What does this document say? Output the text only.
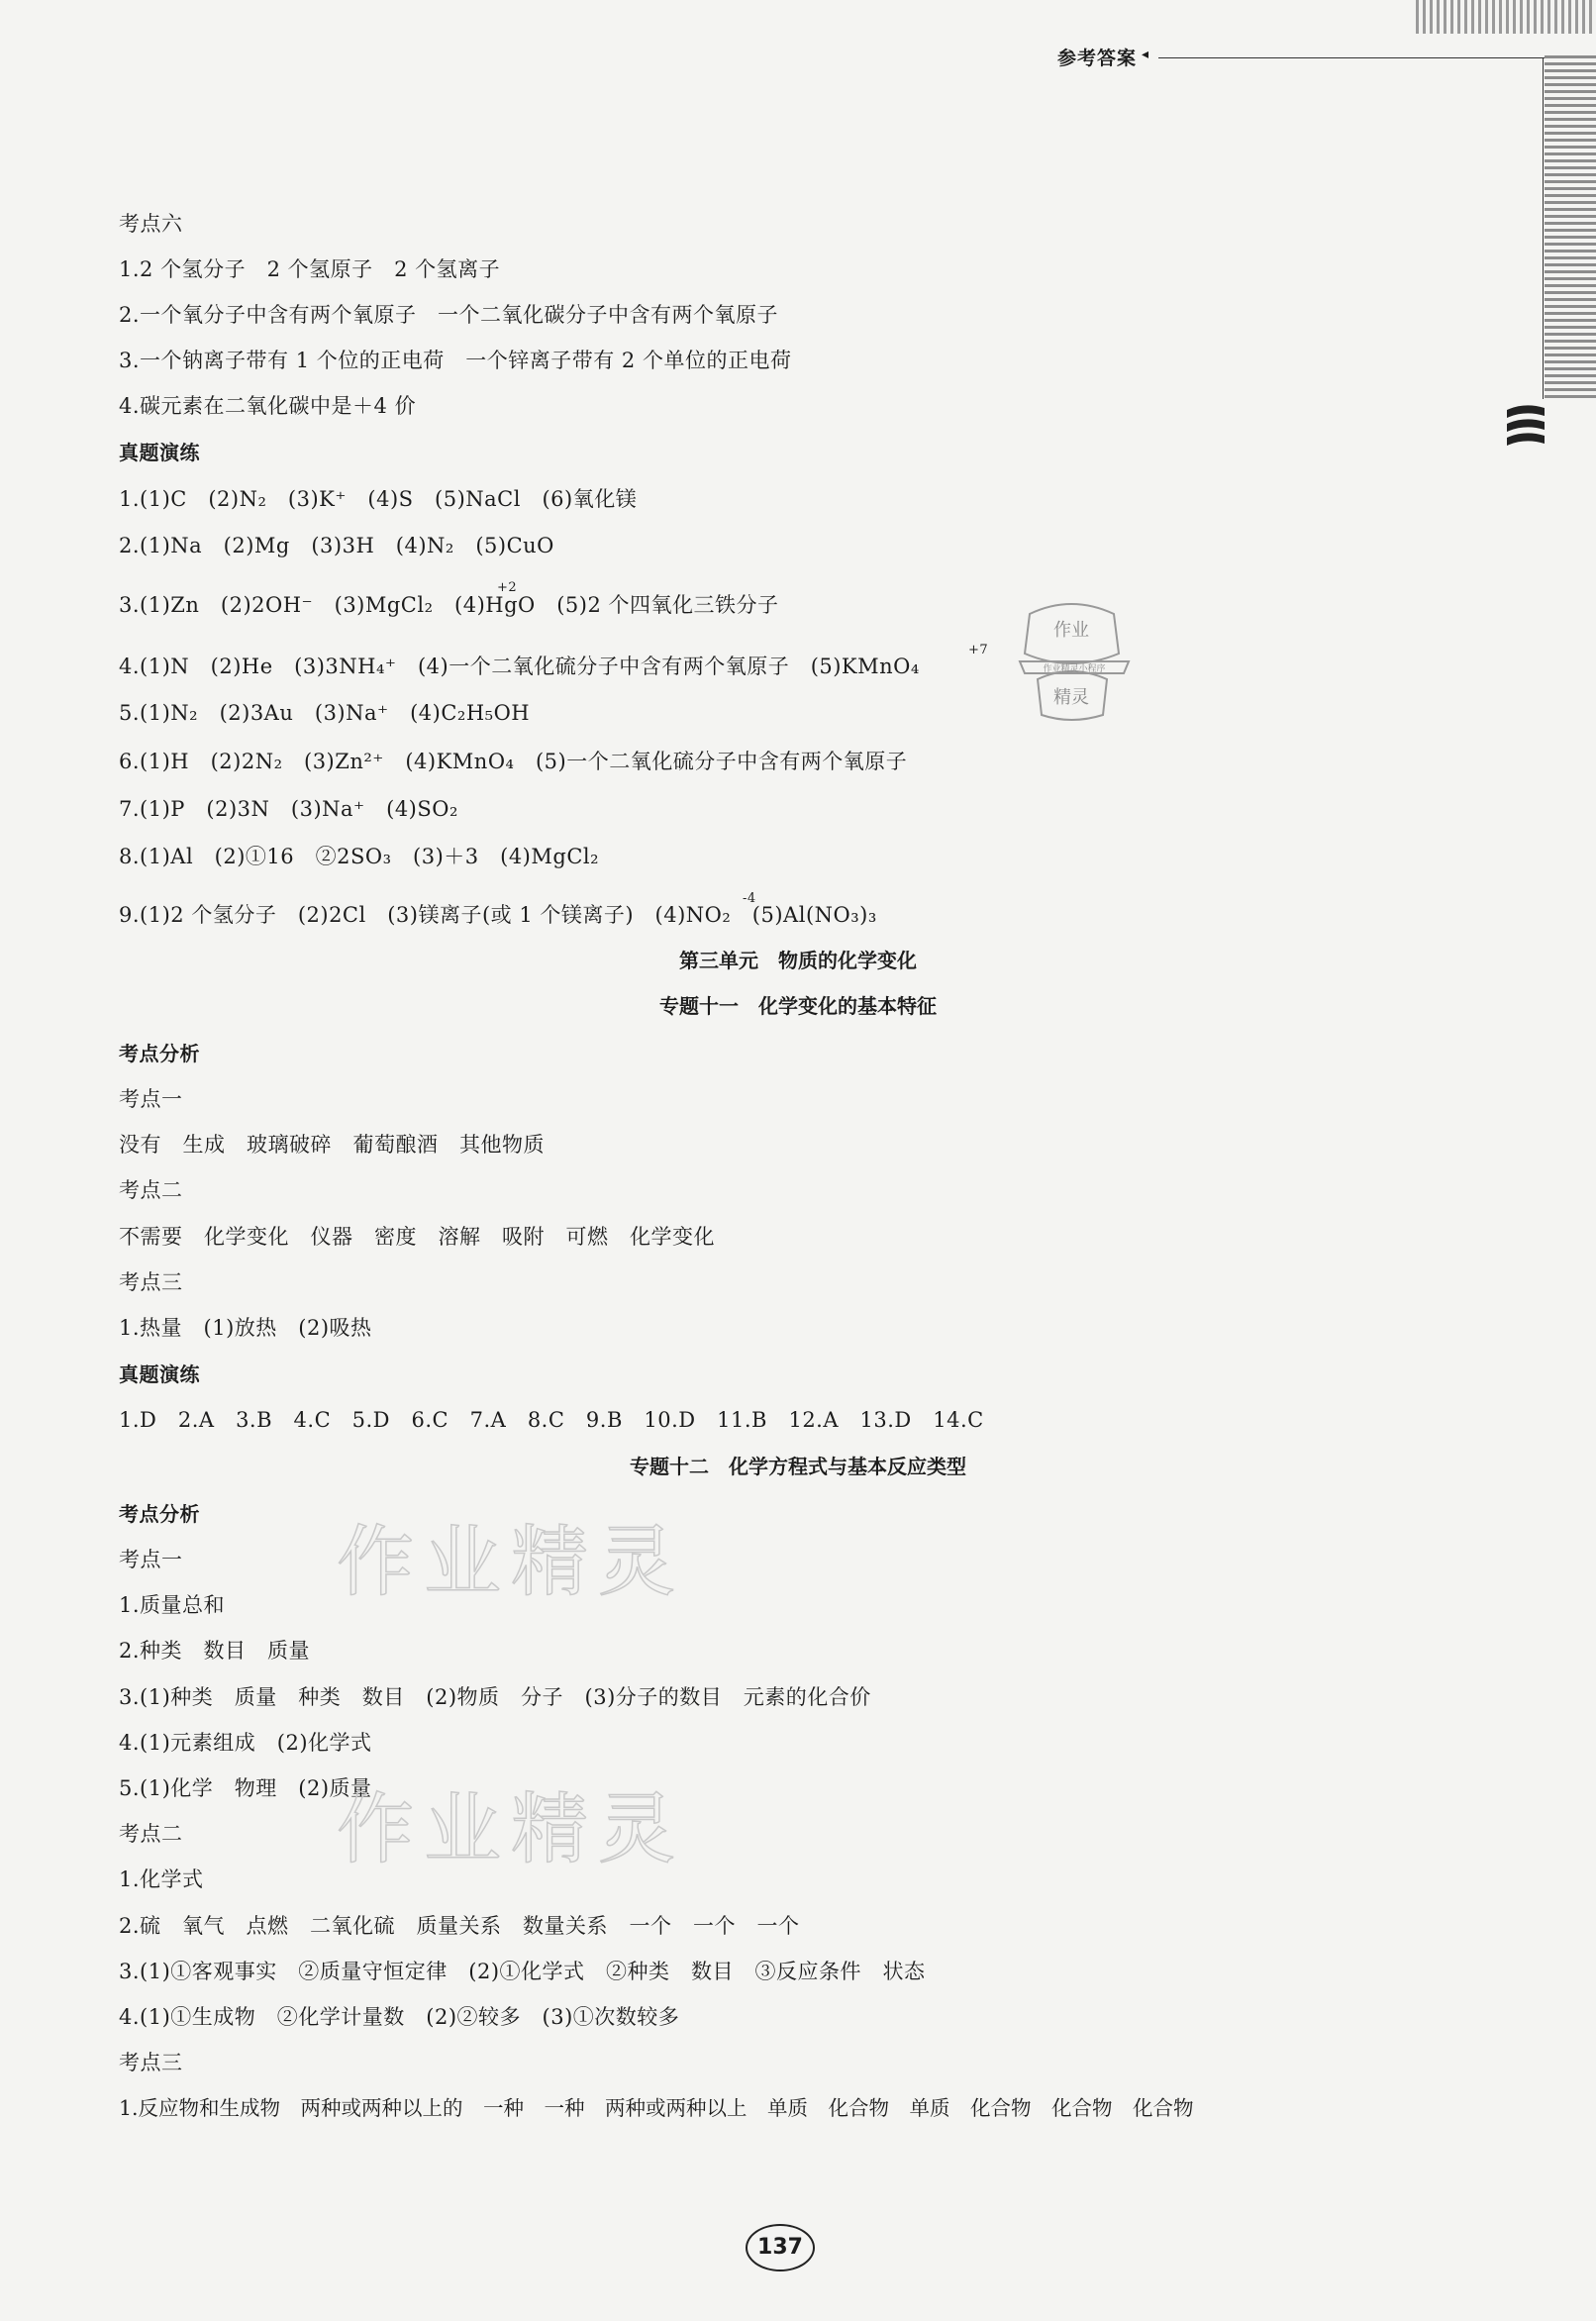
参考答案 ◂
考点六
1.2 个氢分子　2 个氢原子　2 个氢离子
2.一个氧分子中含有两个氧原子　一个二氧化碳分子中含有两个氧原子
3.一个钠离子带有 1 个位的正电荷　一个锌离子带有 2 个单位的正电荷
4.碳元素在二氧化碳中是＋4 价
真题演练
1.(1)C　(2)N₂　(3)K⁺　(4)S　(5)NaCl　(6)氧化镁
2.(1)Na　(2)Mg　(3)3H　(4)N₂　(5)CuO
3.(1)Zn　(2)2OH⁻　(3)MgCl₂　(4)HgO　(5)2 个四氧化三铁分子
4.(1)N　(2)He　(3)3NH₄⁺　(4)一个二氧化硫分子中含有两个氧原子　(5)KMnO₄
5.(1)N₂　(2)3Au　(3)Na⁺　(4)C₂H₅OH
6.(1)H　(2)2N₂　(3)Zn²⁺　(4)KMnO₄　(5)一个二氧化硫分子中含有两个氧原子
7.(1)P　(2)3N　(3)Na⁺　(4)SO₂
8.(1)Al　(2)①16　②2SO₃　(3)＋3　(4)MgCl₂
9.(1)2 个氢分子　(2)2Cl　(3)镁离子(或 1 个镁离子)　(4)NO₂　(5)Al(NO₃)₃
+2
+7
-4
作业
作业精灵小程序
精灵
第三单元　物质的化学变化
专题十一　化学变化的基本特征
考点分析
考点一
没有　生成　玻璃破碎　葡萄酿酒　其他物质
考点二
不需要　化学变化　仪器　密度　溶解　吸附　可燃　化学变化
考点三
1.热量　(1)放热　(2)吸热
真题演练
1.D　2.A　3.B　4.C　5.D　6.C　7.A　8.C　9.B　10.D　11.B　12.A　13.D　14.C
专题十二　化学方程式与基本反应类型
考点分析
考点一
1.质量总和
2.种类　数目　质量
3.(1)种类　质量　种类　数目　(2)物质　分子　(3)分子的数目　元素的化合价
4.(1)元素组成　(2)化学式
5.(1)化学　物理　(2)质量
考点二
1.化学式
2.硫　氧气　点燃　二氧化硫　质量关系　数量关系　一个　一个　一个
3.(1)①客观事实　②质量守恒定律　(2)①化学式　②种类　数目　③反应条件　状态
4.(1)①生成物　②化学计量数　(2)②较多　(3)①次数较多
考点三
1.反应物和生成物　两种或两种以上的　一种　一种　两种或两种以上　单质　化合物　单质　化合物　化合物　化合物
作业精灵
作业精灵
137
